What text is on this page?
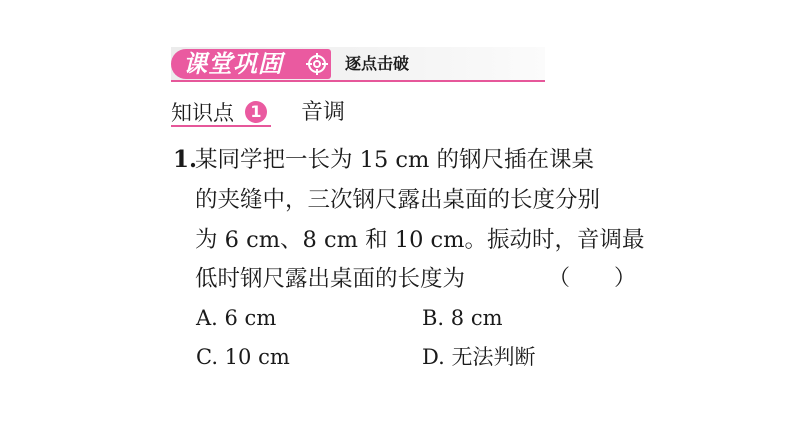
课堂巩固	逐点击破
知识点	1 音调
1.
某同学把一长为 15 cm 的钢尺插在课桌
的夹缝中，三次钢尺露出桌面的长度分别
为 6 cm、8 cm 和 10 cm。振动时，音调最
低时钢尺露出桌面的长度为	（　　）
A. 6 cm	B. 8 cm
C. 10 cm	D. 无法判断
